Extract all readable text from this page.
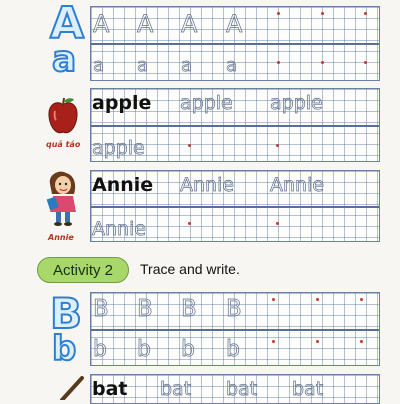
A
a
A A A A
a a a a
quả táo
apple apple apple
apple
Annie
Annie Annie Annie
Annie
Activity 2	Trace and write.
B
b
B B B B
b b b b
bat bat bat bat
